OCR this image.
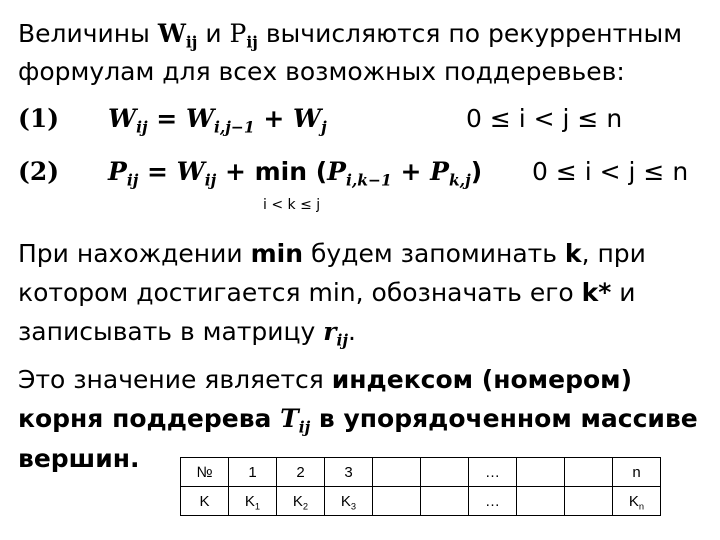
Величины $W_{ij}$ и $P_{ij}$ вычисляются по рекуррентным
формулам для всех возможных поддеревьев:
(1) $W_{ij} = W_{i,j-1} + W_j$	0 ≤ i < j ≤ n
(2) $P_{ij} = W_{ij} + \min (P_{i,k-1} + P_{k,j}) 0 \le i < j \le n$
i < k ≤ j
При нахождении min будем запоминать k, при
котором достигается min, обозначать его k* и
записывать в матрицу $r_{ij}$.
Это значение является индексом (номером)
корня поддерева $T_{ij}$ в упорядоченном массиве
вершин.	№	1	2	3			…			n
K	$K_1$	$K_2$	$K_3$			…			$K_n$
